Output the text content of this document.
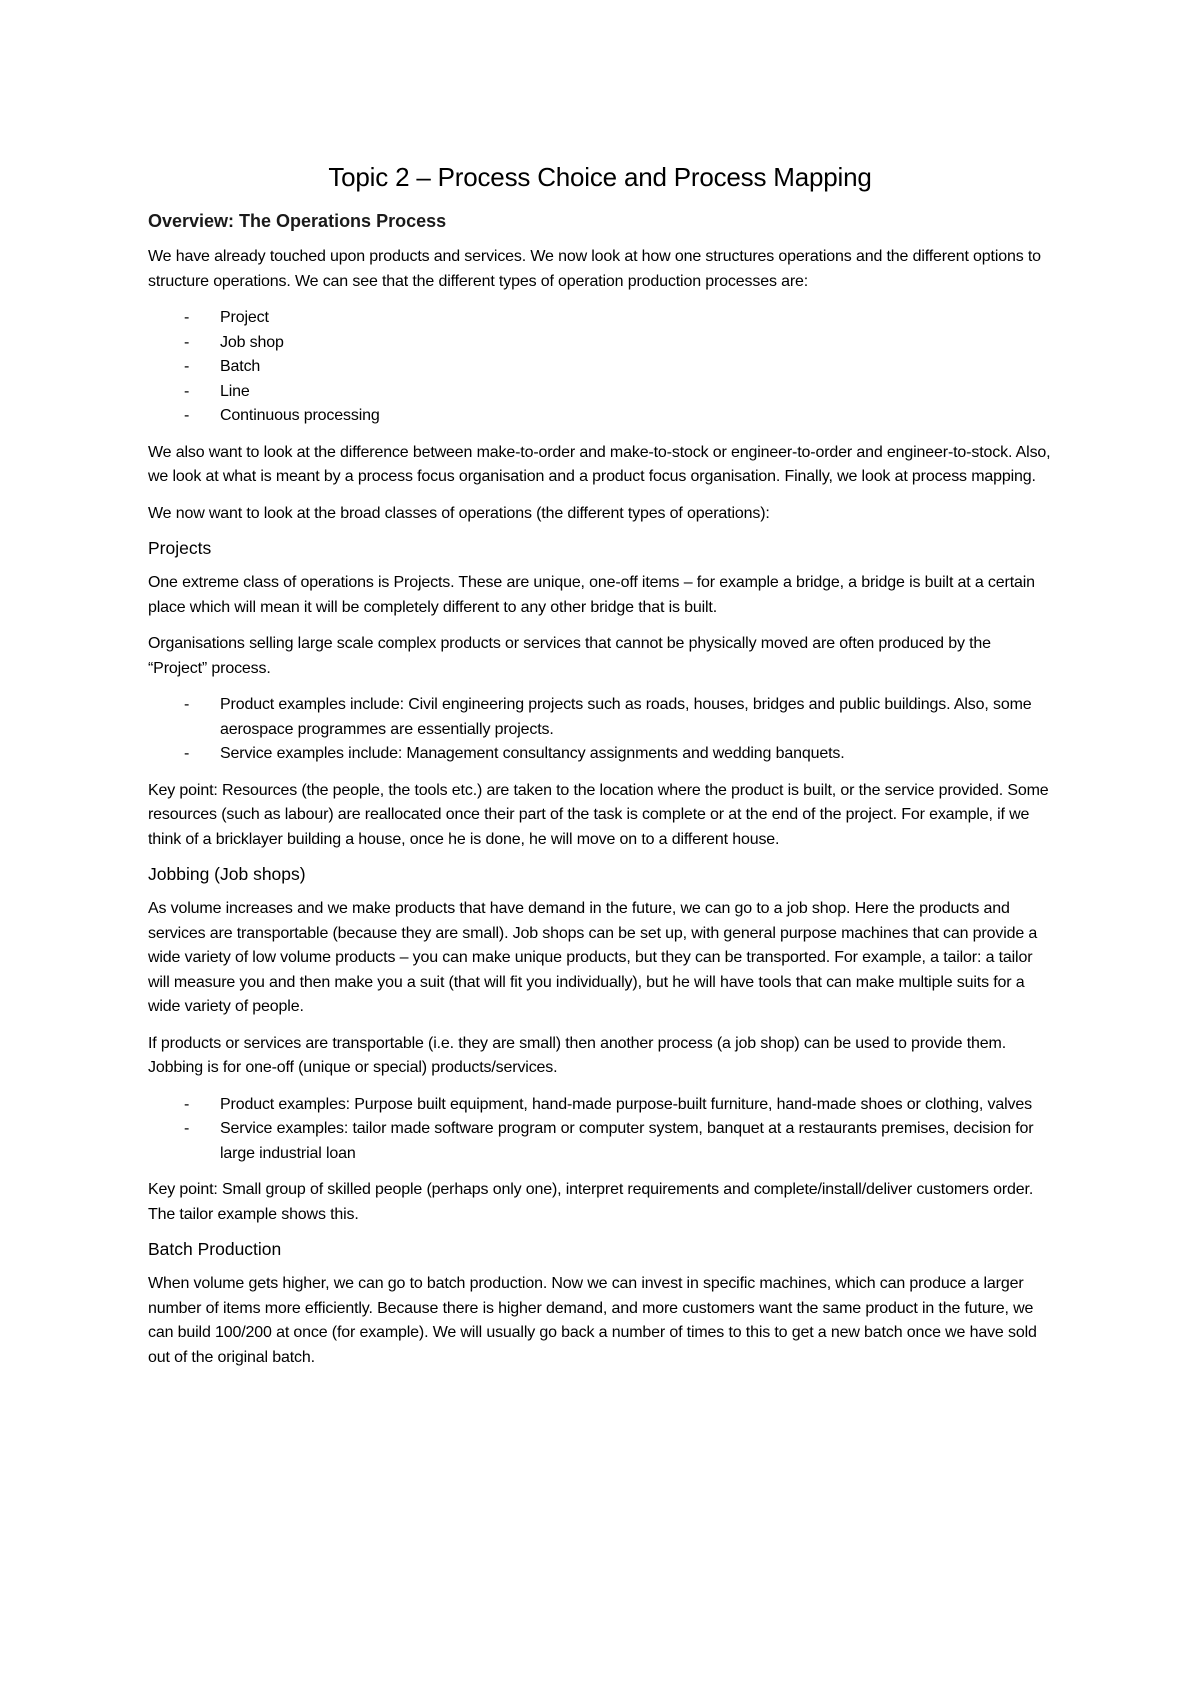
Topic 2 – Process Choice and Process Mapping
Overview: The Operations Process

We have already touched upon products and services. We now look at how one structures operations and the different options to structure operations. We can see that the different types of operation production processes are:

- Project
- Job shop
- Batch
- Line
- Continuous processing

We also want to look at the difference between make-to-order and make-to-stock or engineer-to-order and engineer-to-stock. Also, we look at what is meant by a process focus organisation and a product focus organisation. Finally, we look at process mapping.

We now want to look at the broad classes of operations (the different types of operations):

Projects

One extreme class of operations is Projects. These are unique, one-off items – for example a bridge, a bridge is built at a certain place which will mean it will be completely different to any other bridge that is built.

Organisations selling large scale complex products or services that cannot be physically moved are often produced by the “Project” process.

- Product examples include: Civil engineering projects such as roads, houses, bridges and public buildings. Also, some aerospace programmes are essentially projects.
- Service examples include: Management consultancy assignments and wedding banquets.

Key point: Resources (the people, the tools etc.) are taken to the location where the product is built, or the service provided. Some resources (such as labour) are reallocated once their part of the task is complete or at the end of the project. For example, if we think of a bricklayer building a house, once he is done, he will move on to a different house.

Jobbing (Job shops)

As volume increases and we make products that have demand in the future, we can go to a job shop. Here the products and services are transportable (because they are small). Job shops can be set up, with general purpose machines that can provide a wide variety of low volume products – you can make unique products, but they can be transported. For example, a tailor: a tailor will measure you and then make you a suit (that will fit you individually), but he will have tools that can make multiple suits for a wide variety of people.

If products or services are transportable (i.e. they are small) then another process (a job shop) can be used to provide them. Jobbing is for one-off (unique or special) products/services.

- Product examples: Purpose built equipment, hand-made purpose-built furniture, hand-made shoes or clothing, valves
- Service examples: tailor made software program or computer system, banquet at a restaurants premises, decision for large industrial loan

Key point: Small group of skilled people (perhaps only one), interpret requirements and complete/install/deliver customers order. The tailor example shows this.

Batch Production

When volume gets higher, we can go to batch production. Now we can invest in specific machines, which can produce a larger number of items more efficiently. Because there is higher demand, and more customers want the same product in the future, we can build 100/200 at once (for example). We will usually go back a number of times to this to get a new batch once we have sold out of the original batch.
